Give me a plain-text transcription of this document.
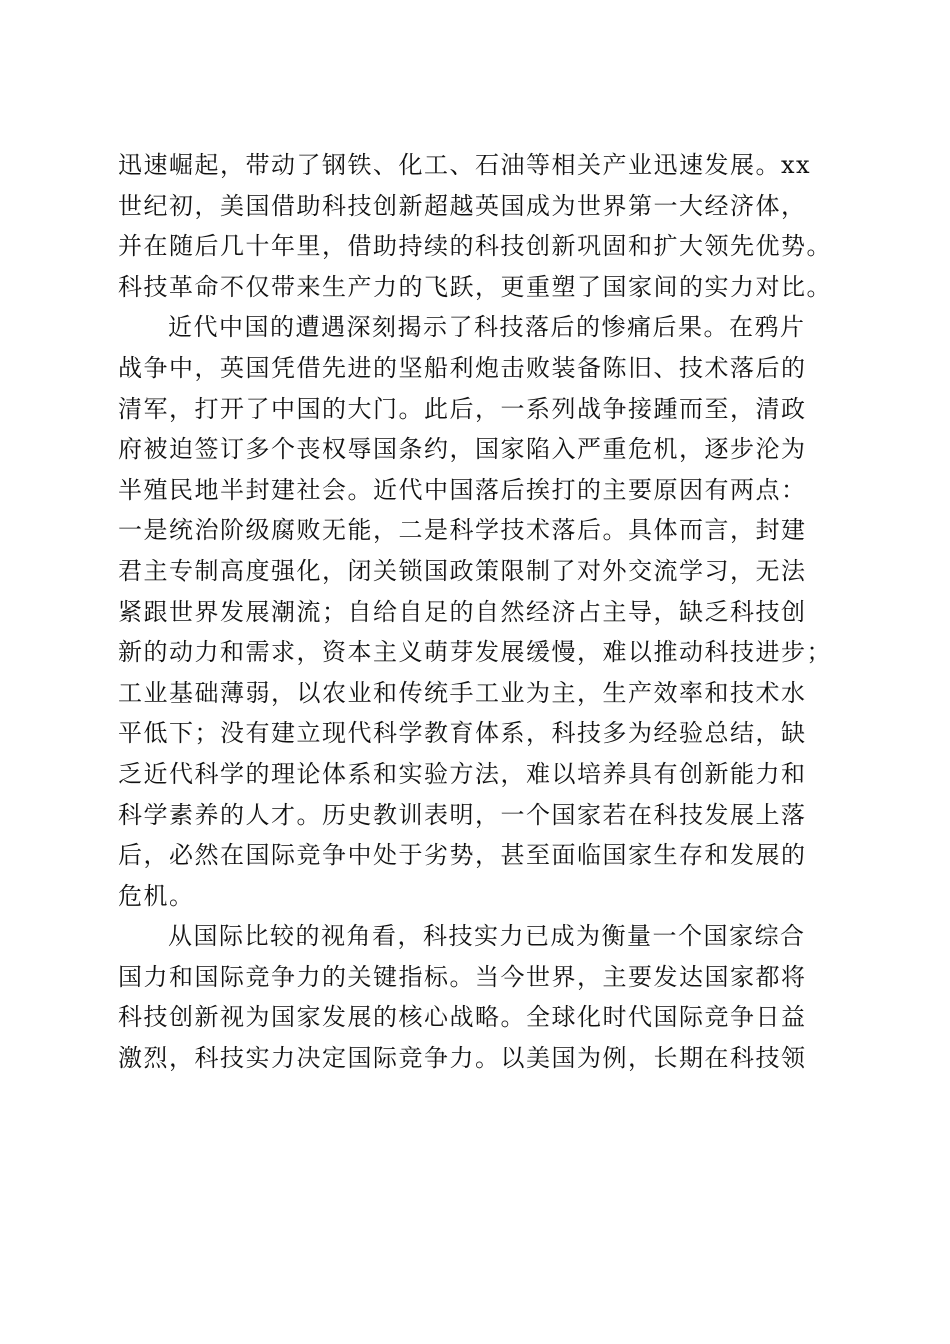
迅速崛起，带动了钢铁、化工、石油等相关产业迅速发展。xx
世纪初，美国借助科技创新超越英国成为世界第一大经济体，
并在随后几十年里，借助持续的科技创新巩固和扩大领先优势。
科技革命不仅带来生产力的飞跃，更重塑了国家间的实力对比。
近代中国的遭遇深刻揭示了科技落后的惨痛后果。在鸦片
战争中，英国凭借先进的坚船利炮击败装备陈旧、技术落后的
清军，打开了中国的大门。此后，一系列战争接踵而至，清政
府被迫签订多个丧权辱国条约，国家陷入严重危机，逐步沦为
半殖民地半封建社会。近代中国落后挨打的主要原因有两点：
一是统治阶级腐败无能，二是科学技术落后。具体而言，封建
君主专制高度强化，闭关锁国政策限制了对外交流学习，无法
紧跟世界发展潮流；自给自足的自然经济占主导，缺乏科技创
新的动力和需求，资本主义萌芽发展缓慢，难以推动科技进步；
工业基础薄弱，以农业和传统手工业为主，生产效率和技术水
平低下；没有建立现代科学教育体系，科技多为经验总结，缺
乏近代科学的理论体系和实验方法，难以培养具有创新能力和
科学素养的人才。历史教训表明，一个国家若在科技发展上落
后，必然在国际竞争中处于劣势，甚至面临国家生存和发展的
危机。
从国际比较的视角看，科技实力已成为衡量一个国家综合
国力和国际竞争力的关键指标。当今世界，主要发达国家都将
科技创新视为国家发展的核心战略。全球化时代国际竞争日益
激烈，科技实力决定国际竞争力。以美国为例，长期在科技领
